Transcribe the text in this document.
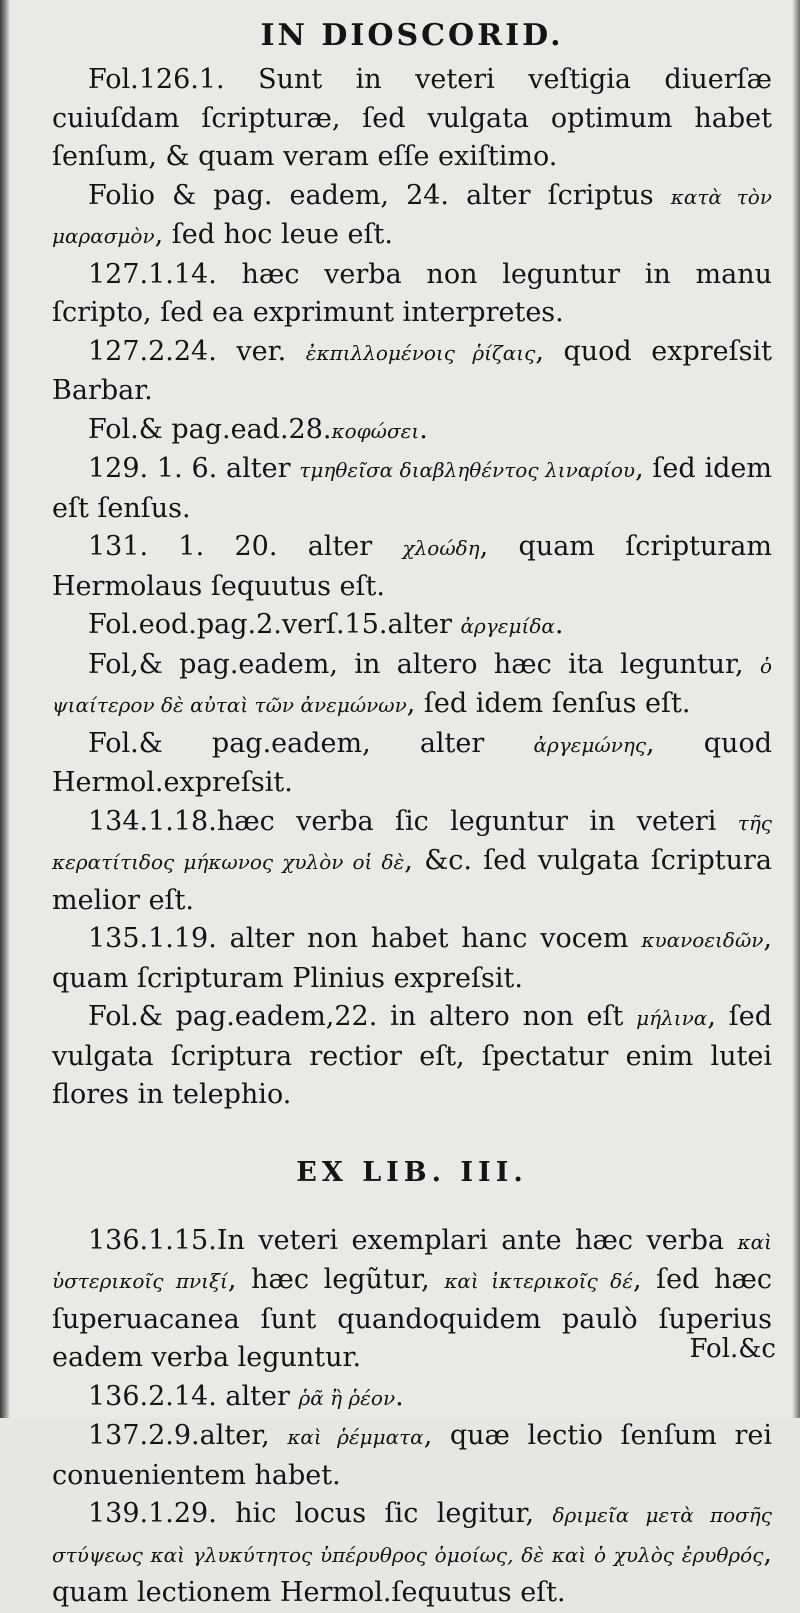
IN DIOSCORID.

Fol.126.1. Sunt in veteri veſtigia diuerſæ cuiuſdam ſcripturæ, ſed vulgata optimum habet ſenſum, & quam veram eſſe exiſtimo.

Folio & pag. eadem, 24. alter ſcriptus κατὰ τὸν μαρασμὸν, ſed hoc leue eſt.

127.1.14. hæc verba non leguntur in manu ſcripto, ſed ea exprimunt interpretes.

127.2.24. ver. ἐκπιλλομένοις ῥίζαις, quod expreſsit Barbar.

Fol.& pag.ead.28.κοφώσει.

129. 1. 6. alter τμηθεῖσα διαβληθέντος λιναρίου, ſed idem eſt ſenſus.

131. 1. 20. alter χλοώδη, quam ſcripturam Hermolaus ſequutus eſt.

Fol.eod.pag.2.verſ.15.alter ἀργεμίδα.

Fol,& pag.eadem, in altero hæc ita leguntur, ὁ ψιαίτερον δὲ αὐταὶ τῶν ἀνεμώνων, ſed idem ſenſus eſt.

Fol.& pag.eadem, alter ἀργεμώνης, quod Hermol.expreſsit.

134.1.18.hæc verba ſic leguntur in veteri τῆς κερατίτιδος μήκωνος χυλὸν οἱ δὲ, &c. ſed vulgata ſcriptura melior eſt.

135.1.19. alter non habet hanc vocem κυανοειδῶν, quam ſcripturam Plinius expreſsit.

Fol.& pag.eadem,22. in altero non eſt μήλινα, ſed vulgata ſcriptura rectior eſt, ſpectatur enim lutei flores in telephio.

EX LIB. III.

136.1.15.In veteri exemplari ante hæc verba καὶ ὑστερικοῖς πνιξί, hæc legũtur, καὶ ἰκτερικοῖς δέ, ſed hæc ſuperuacanea ſunt quandoquidem paulò ſuperius eadem verba leguntur.

136.2.14. alter ῥᾶ ἢ ῥέον.

137.2.9.alter, καὶ ῥέμματα, quæ lectio ſenſum rei conuenientem habet.

139.1.29. hic locus ſic legitur, δριμεῖα μετὰ ποσῆς στύψεως καὶ γλυκύτητος ὑπέρυθρος ὁμοίως, δὲ καὶ ὁ χυλὸς ἐρυθρός, quam lectionem Hermol.ſequutus eſt.

Fol.&c
